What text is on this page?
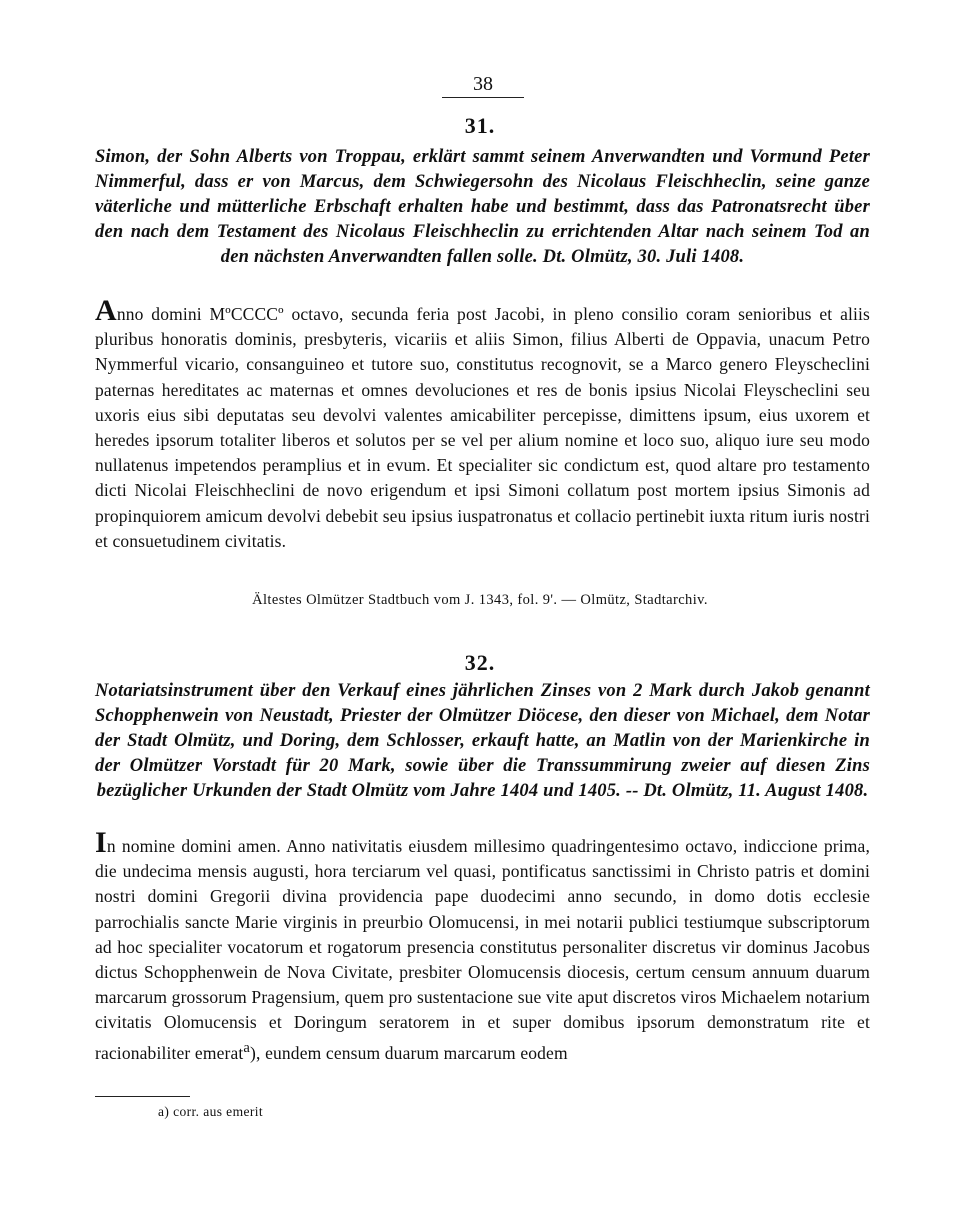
38
31.
Simon, der Sohn Alberts von Troppau, erklärt sammt seinem Anverwandten und Vormund Peter Nimmerful, dass er von Marcus, dem Schwiegersohn des Nicolaus Fleischheclin, seine ganze väterliche und mütterliche Erbschaft erhalten habe und bestimmt, dass das Patronatsrecht über den nach dem Testament des Nicolaus Fleischheclin zu errichtenden Altar nach seinem Tod an den nächsten Anverwandten fallen solle. Dt. Olmütz, 30. Juli 1408.
Anno domini MºCCCCº octavo, secunda feria post Jacobi, in pleno consilio coram senioribus et aliis pluribus honoratis dominis, presbyteris, vicariis et aliis Simon, filius Alberti de Oppavia, unacum Petro Nymmerful vicario, consanguineo et tutore suo, constitutus recognovit, se a Marco genero Fleyscheclini paternas hereditates ac maternas et omnes devoluciones et res de bonis ipsius Nicolai Fleyscheclini seu uxoris eius sibi deputatas seu devolvi valentes amicabiliter percepisse, dimittens ipsum, eius uxorem et heredes ipsorum totaliter liberos et solutos per se vel per alium nomine et loco suo, aliquo iure seu modo nullatenus impetendos peramplius et in evum. Et specialiter sic condictum est, quod altare pro testamento dicti Nicolai Fleischheclini de novo erigendum et ipsi Simoni collatum post mortem ipsius Simonis ad propinquiorem amicum devolvi debebit seu ipsius iuspatronatus et collacio pertinebit iuxta ritum iuris nostri et consuetudinem civitatis.
Ältestes Olmützer Stadtbuch vom J. 1343, fol. 9'. — Olmütz, Stadtarchiv.
32.
Notariatsinstrument über den Verkauf eines jährlichen Zinses von 2 Mark durch Jakob genannt Schopphenwein von Neustadt, Priester der Olmützer Diöcese, den dieser von Michael, dem Notar der Stadt Olmütz, und Doring, dem Schlosser, erkauft hatte, an Matlin von der Marienkirche in der Olmützer Vorstadt für 20 Mark, sowie über die Transsummirung zweier auf diesen Zins bezüglicher Urkunden der Stadt Olmütz vom Jahre 1404 und 1405. -- Dt. Olmütz, 11. August 1408.
In nomine domini amen. Anno nativitatis eiusdem millesimo quadringentesimo octavo, indiccione prima, die undecima mensis augusti, hora terciarum vel quasi, pontificatus sanctissimi in Christo patris et domini nostri domini Gregorii divina providencia pape duodecimi anno secundo, in domo dotis ecclesie parrochialis sancte Marie virginis in preurbio Olomucensi, in mei notarii publici testiumque subscriptorum ad hoc specialiter vocatorum et rogatorum presencia constitutus personaliter discretus vir dominus Jacobus dictus Schopphenwein de Nova Civitate, presbiter Olomucensis diocesis, certum censum annuum duarum marcarum grossorum Pragensium, quem pro sustentacione sue vite aput discretos viros Michaelem notarium civitatis Olomucensis et Doringum seratorem in et super domibus ipsorum demonstratum rite et racionabiliter emerat$^a$), eundem censum duarum marcarum eodem
a) corr. aus emerit
